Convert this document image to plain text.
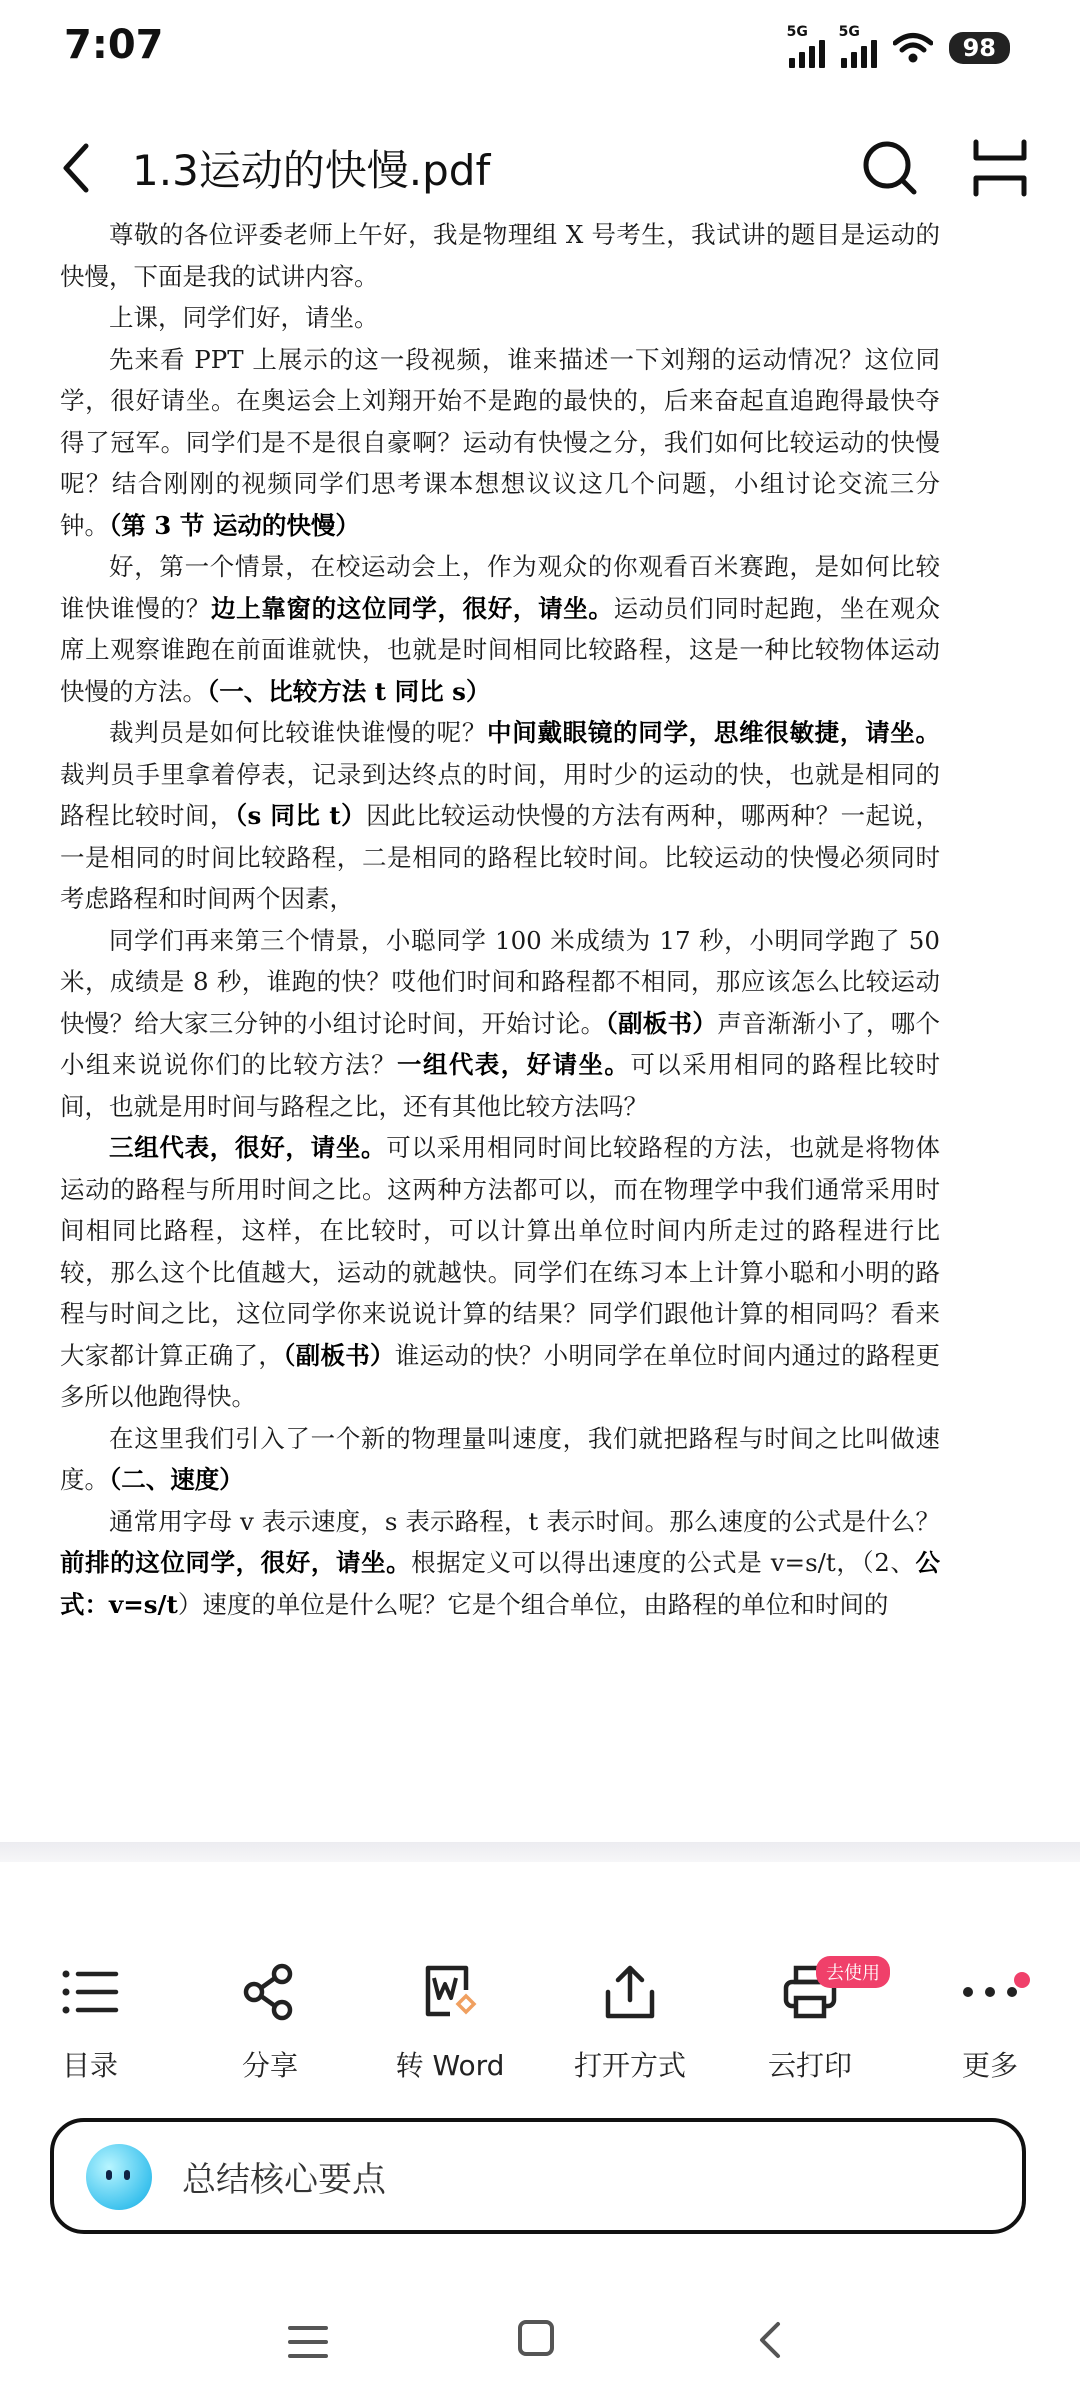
7:07	5G 5G
98
1.3运动的快慢.pdf

尊敬的各位评委老师上午好，我是物理组 X 号考生，我试讲的题目是运动的快慢，下面是我的试讲内容。

上课，同学们好，请坐。

先来看 PPT 上展示的这一段视频，谁来描述一下刘翔的运动情况？这位同学，很好请坐。在奥运会上刘翔开始不是跑的最快的，后来奋起直追跑得最快夺得了冠军。同学们是不是很自豪啊？运动有快慢之分，我们如何比较运动的快慢呢？结合刚刚的视频同学们思考课本想想议议这几个问题，小组讨论交流三分钟。（第 3 节 运动的快慢）

好，第一个情景，在校运动会上，作为观众的你观看百米赛跑，是如何比较谁快谁慢的？边上靠窗的这位同学，很好，请坐。运动员们同时起跑，坐在观众席上观察谁跑在前面谁就快，也就是时间相同比较路程，这是一种比较物体运动快慢的方法。（一、比较方法 t 同比 s）

裁判员是如何比较谁快谁慢的呢？中间戴眼镜的同学，思维很敏捷，请坐。裁判员手里拿着停表，记录到达终点的时间，用时少的运动的快，也就是相同的路程比较时间，（s 同比 t）因此比较运动快慢的方法有两种，哪两种？一起说，一是相同的时间比较路程，二是相同的路程比较时间。比较运动的快慢必须同时考虑路程和时间两个因素，

同学们再来第三个情景，小聪同学 100 米成绩为 17 秒，小明同学跑了 50 米，成绩是 8 秒，谁跑的快？哎他们时间和路程都不相同，那应该怎么比较运动快慢？给大家三分钟的小组讨论时间，开始讨论。（副板书）声音渐渐小了，哪个小组来说说你们的比较方法？一组代表，好请坐。可以采用相同的路程比较时间，也就是用时间与路程之比，还有其他比较方法吗？

三组代表，很好，请坐。可以采用相同时间比较路程的方法，也就是将物体运动的路程与所用时间之比。这两种方法都可以，而在物理学中我们通常采用时间相同比路程，这样，在比较时，可以计算出单位时间内所走过的路程进行比较，那么这个比值越大，运动的就越快。同学们在练习本上计算小聪和小明的路程与时间之比，这位同学你来说说计算的结果？同学们跟他计算的相同吗？看来大家都计算正确了，（副板书）谁运动的快？小明同学在单位时间内通过的路程更多所以他跑得快。

在这里我们引入了一个新的物理量叫速度，我们就把路程与时间之比叫做速度。（二、速度）

通常用字母 v 表示速度，s 表示路程，t 表示时间。那么速度的公式是什么？前排的这位同学，很好，请坐。根据定义可以得出速度的公式是 v=s/t，（2、公式：v=s/t）速度的单位是什么呢？它是个组合单位，由路程的单位和时间的

目录	分享	转 Word 打开方式	云打印
去使用
更多
总结核心要点
